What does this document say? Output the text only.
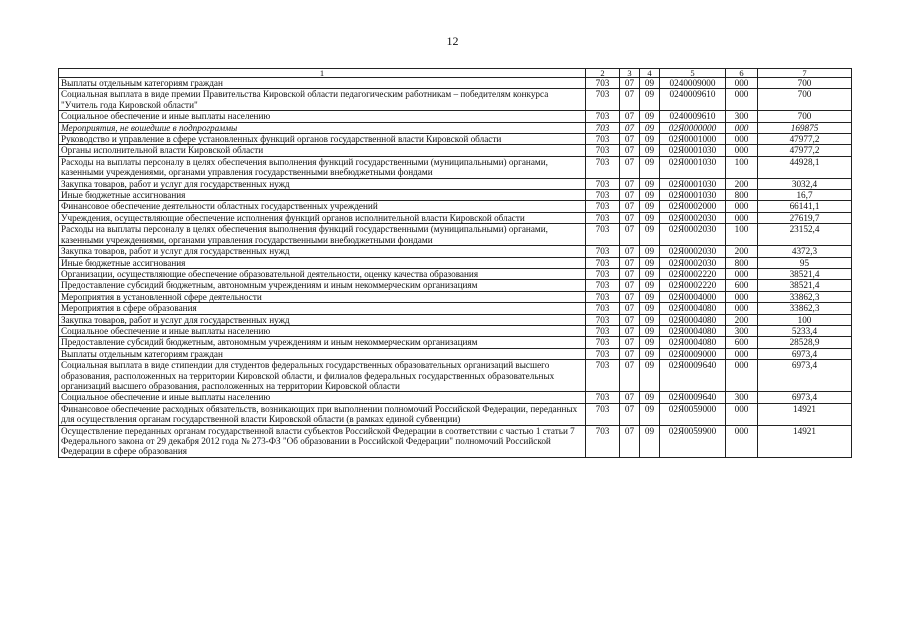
12
1	2	3	4	5	6	7
Выплаты отдельным категориям граждан	703	07	09	0240009000	000	700
Социальная выплата в виде премии Правительства Кировской области педагогическим работникам – победителям конкурса "Учитель года Кировской области"	703	07	09	0240009610	000	700
Социальное обеспечение и иные выплаты населению	703	07	09	0240009610	300	700
Мероприятия, не вошедшие в подпрограммы	703	07	09	02Я0000000	000	169875
Руководство и управление в сфере установленных функций органов государственной власти Кировской области	703	07	09	02Я0001000	000	47977,2
Органы исполнительной власти Кировской области	703	07	09	02Я0001030	000	47977,2
Расходы на выплаты персоналу в целях обеспечения выполнения функций государственными (муниципальными) органами, казенными учреждениями, органами управления государственными внебюджетными фондами	703	07	09	02Я0001030	100	44928,1
Закупка товаров, работ и услуг для государственных нужд	703	07	09	02Я0001030	200	3032,4
Иные бюджетные ассигнования	703	07	09	02Я0001030	800	16,7
Финансовое обеспечение деятельности областных государственных учреждений	703	07	09	02Я0002000	000	66141,1
Учреждения, осуществляющие обеспечение исполнения функций органов исполнительной власти Кировской области	703	07	09	02Я0002030	000	27619,7
Расходы на выплаты персоналу в целях обеспечения выполнения функций государственными (муниципальными) органами, казенными учреждениями, органами управления государственными внебюджетными фондами	703	07	09	02Я0002030	100	23152,4
Закупка товаров, работ и услуг для государственных нужд	703	07	09	02Я0002030	200	4372,3
Иные бюджетные ассигнования	703	07	09	02Я0002030	800	95
Организации, осуществляющие обеспечение образовательной деятельности, оценку качества образования	703	07	09	02Я0002220	000	38521,4
Предоставление субсидий бюджетным, автономным учреждениям и иным некоммерческим организациям	703	07	09	02Я0002220	600	38521,4
Мероприятия в установленной сфере деятельности	703	07	09	02Я0004000	000	33862,3
Мероприятия в сфере образования	703	07	09	02Я0004080	000	33862,3
Закупка товаров, работ и услуг для государственных нужд	703	07	09	02Я0004080	200	100
Социальное обеспечение и иные выплаты населению	703	07	09	02Я0004080	300	5233,4
Предоставление субсидий бюджетным, автономным учреждениям и иным некоммерческим организациям	703	07	09	02Я0004080	600	28528,9
Выплаты отдельным категориям граждан	703	07	09	02Я0009000	000	6973,4
Социальная выплата в виде стипендии для студентов федеральных государственных образовательных организаций высшего образования, расположенных на территории Кировской области, и филиалов федеральных государственных образовательных организаций высшего образования, расположенных на территории Кировской области	703	07	09	02Я0009640	000	6973,4
Социальное обеспечение и иные выплаты населению	703	07	09	02Я0009640	300	6973,4
Финансовое обеспечение расходных обязательств, возникающих при выполнении полномочий Российской Федерации, переданных для осуществления органам государственной власти Кировской области (в рамках единой субвенции)	703	07	09	02Я0059000	000	14921
Осуществление переданных органам государственной власти субъектов Российской Федерации в соответствии с частью 1 статьи 7 Федерального закона от 29 декабря 2012 года № 273-ФЗ "Об образовании в Российской Федерации" полномочий Российской Федерации в сфере образования	703	07	09	02Я0059900	000	14921
